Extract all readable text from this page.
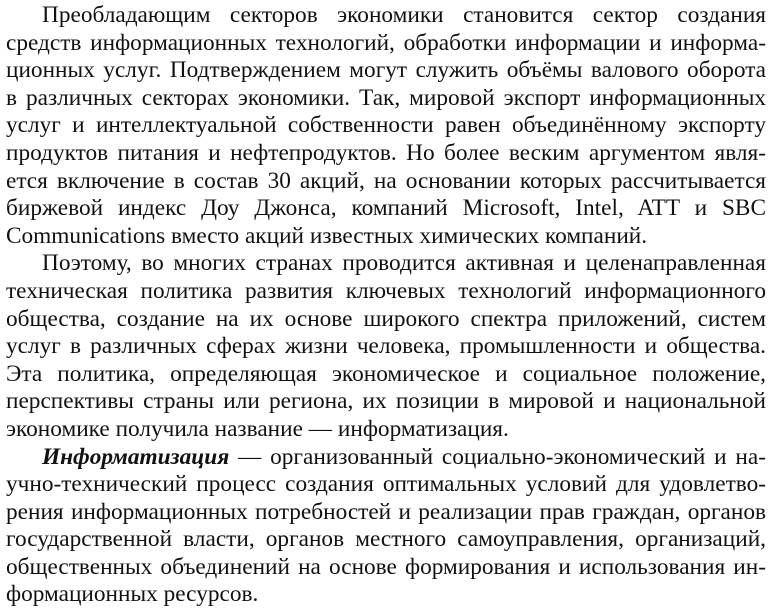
Преобладающим секторов экономики становится сектор создания
средств информационных технологий, обработки информации и информа-
ционных услуг. Подтверждением могут служить объёмы валового оборота
в различных секторах экономики. Так, мировой экспорт информационных
услуг и интеллектуальной собственности равен объединённому экспорту
продуктов питания и нефтепродуктов. Но более веским аргументом явля-
ется включение в состав 30 акций, на основании которых рассчитывается
биржевой индекс Доу Джонса, компаний Microsoft, Intel, ATT и SBC
Communications вместо акций известных химических компаний.
Поэтому, во многих странах проводится активная и целенаправленная
техническая политика развития ключевых технологий информационного
общества, создание на их основе широкого спектра приложений, систем
услуг в различных сферах жизни человека, промышленности и общества.
Эта политика, определяющая экономическое и социальное положение,
перспективы страны или региона, их позиции в мировой и национальной
экономике получила название — информатизация.
Информатизация — организованный социально-экономический и на-
учно-технический процесс создания оптимальных условий для удовлетво-
рения информационных потребностей и реализации прав граждан, органов
государственной власти, органов местного самоуправления, организаций,
общественных объединений на основе формирования и использования ин-
формационных ресурсов.
